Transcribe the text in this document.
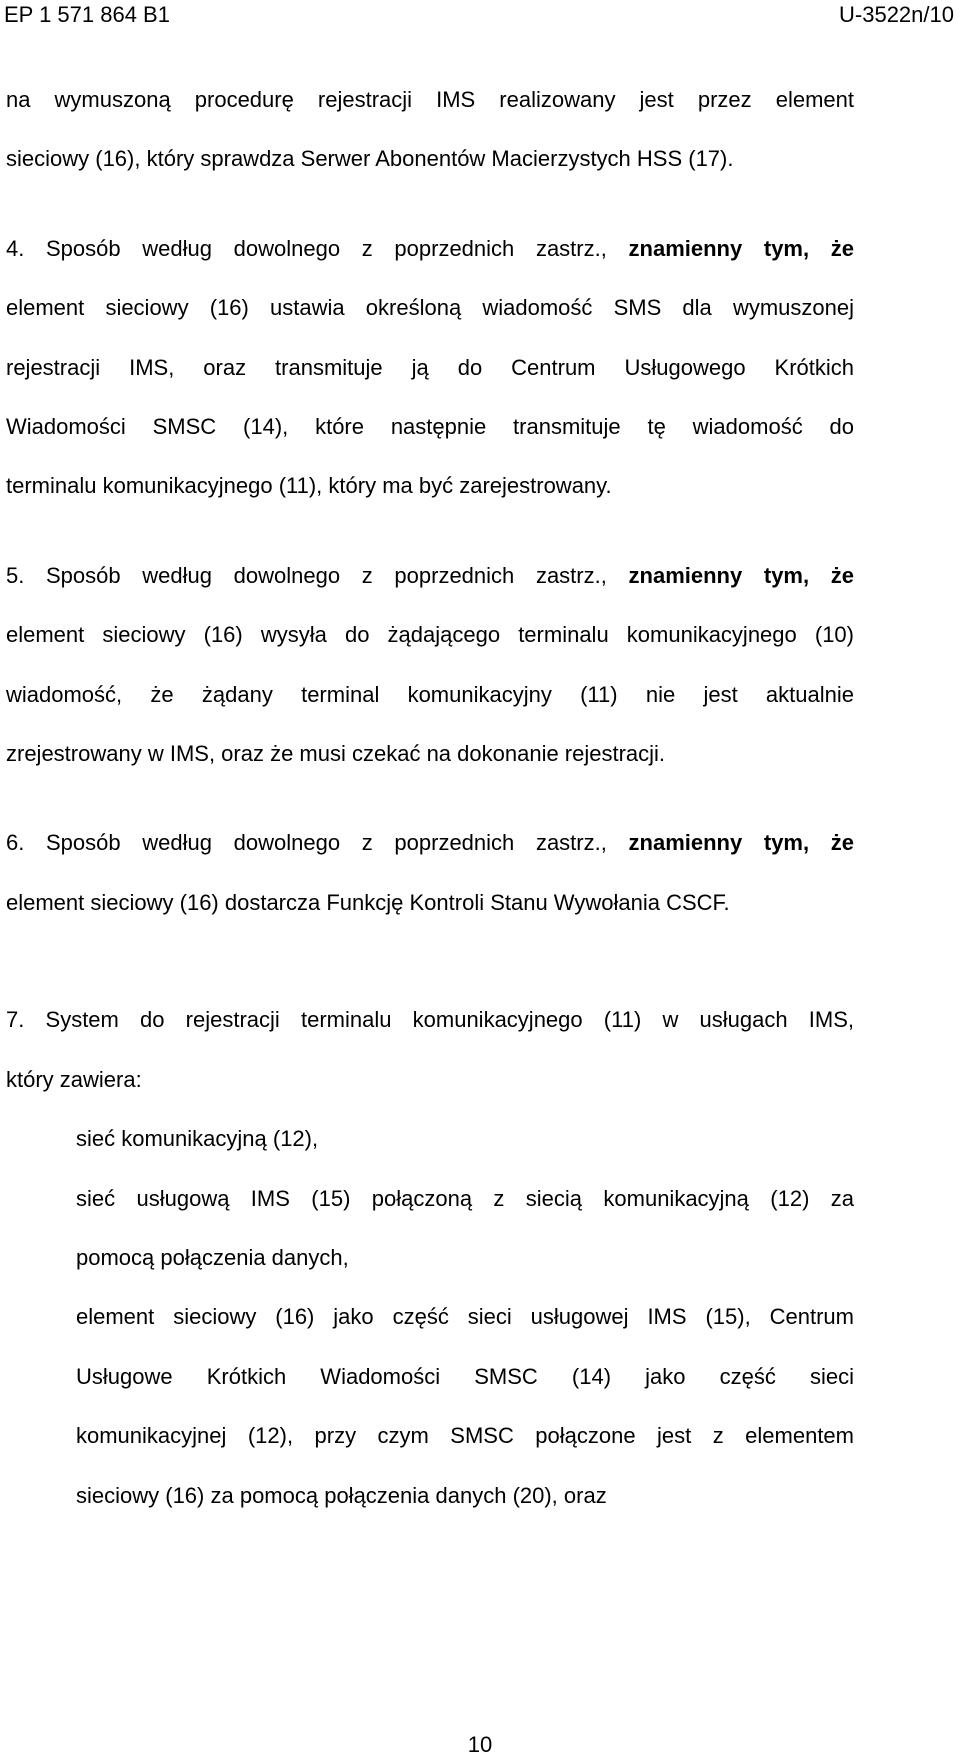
EP 1 571 864 B1	U-3522n/10
na wymuszoną procedurę rejestracji IMS realizowany jest przez element
sieciowy (16), który sprawdza Serwer Abonentów Macierzystych HSS (17).
4. Sposób według dowolnego z poprzednich zastrz., znamienny tym, że
element sieciowy (16) ustawia określoną wiadomość SMS dla wymuszonej
rejestracji IMS, oraz transmituje ją do Centrum Usługowego Krótkich
Wiadomości SMSC (14), które następnie transmituje tę wiadomość do
terminalu komunikacyjnego (11), który ma być zarejestrowany.
5. Sposób według dowolnego z poprzednich zastrz., znamienny tym, że
element sieciowy (16) wysyła do żądającego terminalu komunikacyjnego (10)
wiadomość, że żądany terminal komunikacyjny (11) nie jest aktualnie
zrejestrowany w IMS, oraz że musi czekać na dokonanie rejestracji.
6. Sposób według dowolnego z poprzednich zastrz., znamienny tym, że
element sieciowy (16) dostarcza Funkcję Kontroli Stanu Wywołania CSCF.
7. System do rejestracji terminalu komunikacyjnego (11) w usługach IMS,
który zawiera:
sieć komunikacyjną (12),
sieć usługową IMS (15) połączoną z siecią komunikacyjną (12) za
pomocą połączenia danych,
element sieciowy (16) jako część sieci usługowej IMS (15), Centrum
Usługowe Krótkich Wiadomości SMSC (14) jako część sieci
komunikacyjnej (12), przy czym SMSC połączone jest z elementem
sieciowy (16) za pomocą połączenia danych (20), oraz
10
